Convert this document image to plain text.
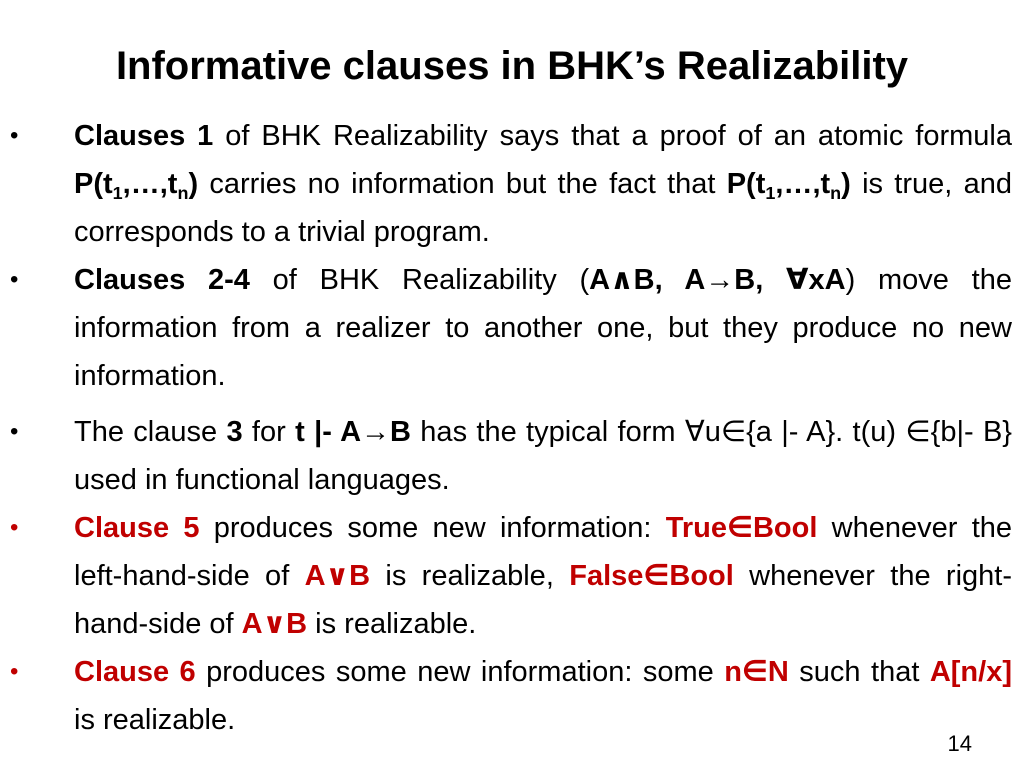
Informative clauses in BHK’s Realizability
•	Clauses 1 of BHK Realizability says that a proof of an atomic formula $P(t_1,\dots,t_n)$ carries no information but the fact that $P(t_1,\dots,t_n)$ is true, and corresponds to a trivial program.

•	Clauses 2-4 of BHK Realizability (A∧B, A→B, ∀xA) move the information from a realizer to another one, but they produce no new information.

•	The clause 3 for t |- A→B has the typical form ∀u∈{a |- A}. t(u) ∈{b|- B} used in functional languages.

•	Clause 5 produces some new information: True∈Bool whenever the left-hand-side of A∨B is realizable, False∈Bool whenever the right-hand-side of A∨B is realizable.

•	Clause 6 produces some new information: some n∈N such that A[n/x] is realizable.

14
